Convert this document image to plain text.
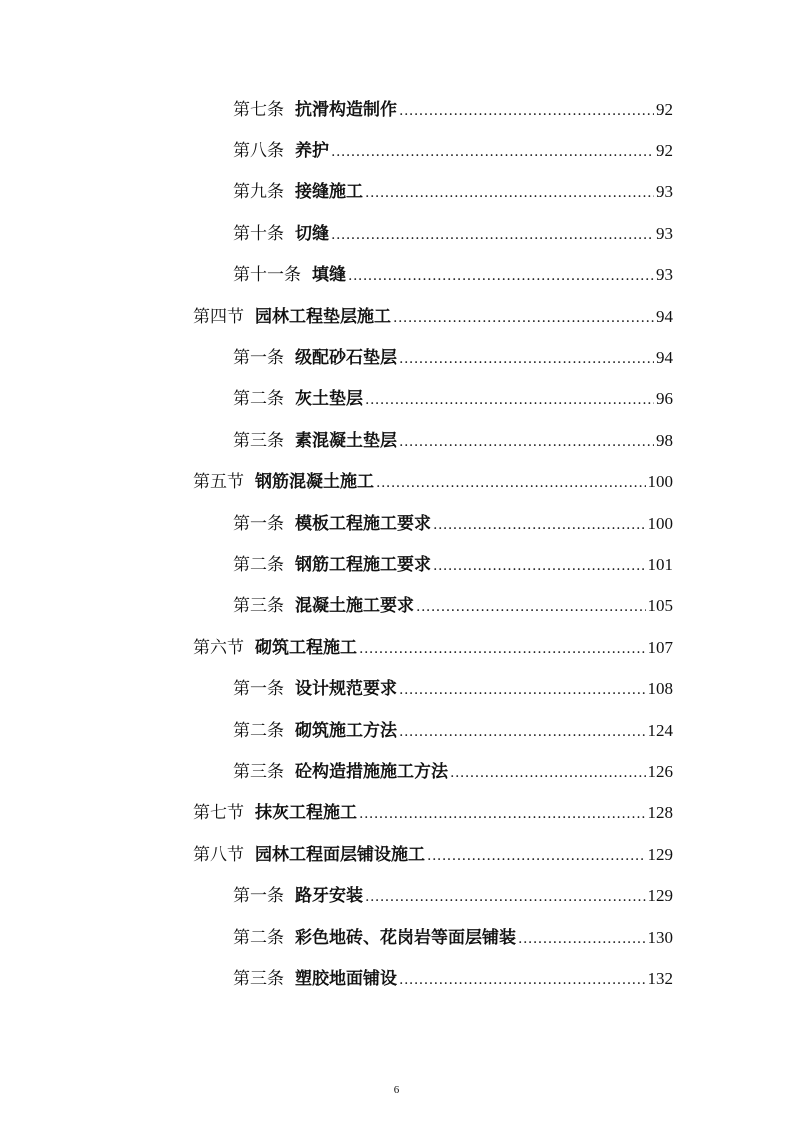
第七条 抗滑构造制作 .....	92
第八条 养护 .....	92
第九条 接缝施工 .....	93
第十条 切缝 .....	93
第十一条 填缝 .....	93
第四节 园林工程垫层施工 .....	94
第一条 级配砂石垫层 .....	94
第二条 灰土垫层 .....	96
第三条 素混凝土垫层 .....	98
第五节 钢筋混凝土施工 .....	100
第一条 模板工程施工要求 .....	100
第二条 钢筋工程施工要求 .....	101
第三条 混凝土施工要求 .....	105
第六节 砌筑工程施工 .....	107
第一条 设计规范要求 .....	108
第二条 砌筑施工方法 .....	124
第三条 砼构造措施施工方法 .....	126
第七节 抹灰工程施工 .....	128
第八节 园林工程面层铺设施工 .....	129
第一条 路牙安装 .....	129
第二条 彩色地砖、花岗岩等面层铺装 .....	130
第三条 塑胶地面铺设 .....	132
6
